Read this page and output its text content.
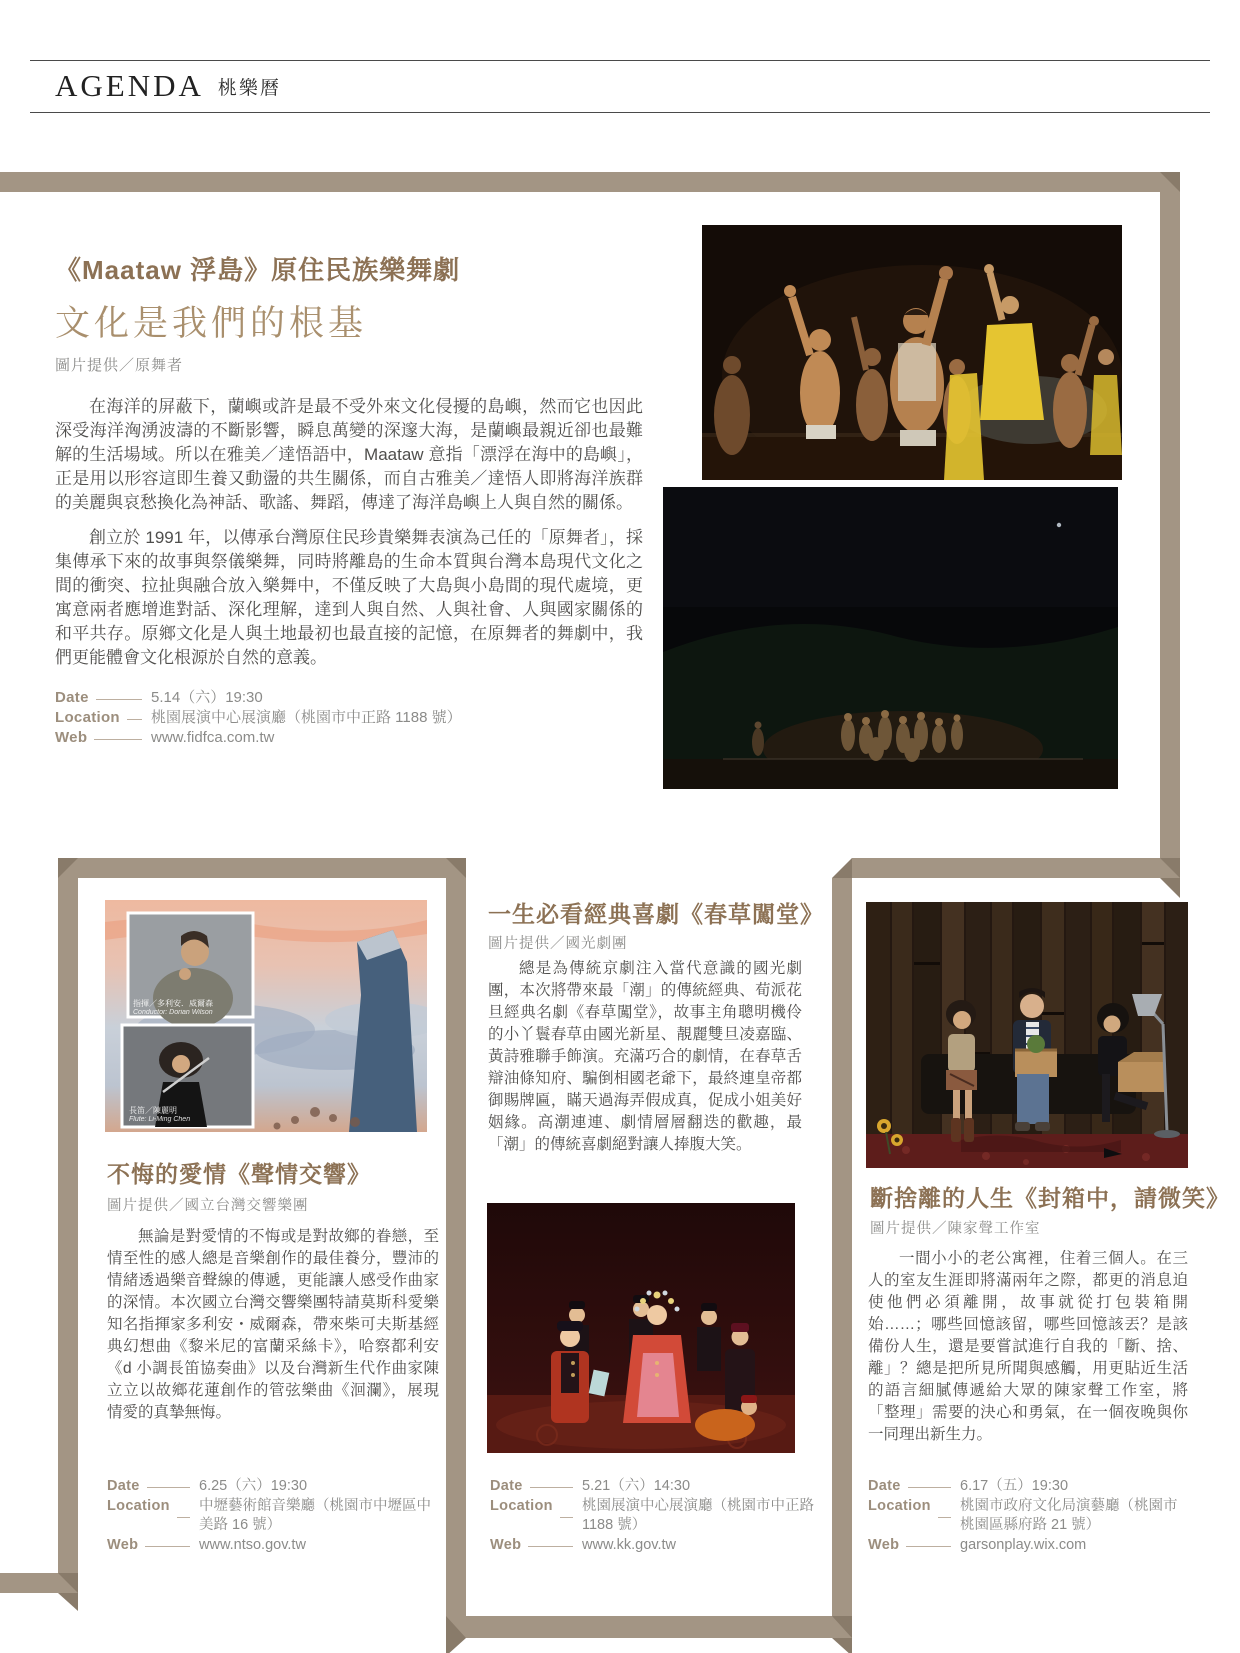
AGENDA 桃樂曆
《Maataw 浮島》原住民族樂舞劇
文化是我們的根基
圖片提供／原舞者

在海洋的屏蔽下，蘭嶼或許是最不受外來文化侵擾的島嶼，然而它也因此深受海洋洶湧波濤的不斷影響，瞬息萬變的深邃大海，是蘭嶼最親近卻也最難解的生活場域。所以在雅美／達悟語中，Maataw 意指「漂浮在海中的島嶼」，正是用以形容這即生養又動盪的共生關係，而自古雅美／達悟人即將海洋族群的美麗與哀愁換化為神話、歌謠、舞蹈，傳達了海洋島嶼上人與自然的關係。

創立於 1991 年，以傳承台灣原住民珍貴樂舞表演為己任的「原舞者」，採集傳承下來的故事與祭儀樂舞，同時將離島的生命本質與台灣本島現代文化之間的衝突、拉扯與融合放入樂舞中，不僅反映了大島與小島間的現代處境，更寓意兩者應增進對話、深化理解，達到人與自然、人與社會、人與國家關係的和平共存。原鄉文化是人與土地最初也最直接的記憶，在原舞者的舞劇中，我們更能體會文化根源於自然的意義。

Date	5.14（六）19:30
Location 桃園展演中心展演廳（桃園市中正路 1188 號）
Web	www.fidfca.com.tw
指揮／多利安．威爾森
Conductor: Dorian Wilson
長笛／陳麗明
Flute: Li-Ming Chen
不悔的愛情《聲情交響》
圖片提供／國立台灣交響樂團
無論是對愛情的不悔或是對故鄉的眷戀，至情至性的感人總是音樂創作的最佳養分，豐沛的情緒透過樂音聲線的傳遞，更能讓人感受作曲家的深情。本次國立台灣交響樂團特請莫斯科愛樂知名指揮家多利安・威爾森，帶來柴可夫斯基經典幻想曲《黎米尼的富蘭采絲卡》，哈察都利安《d 小調長笛協奏曲》以及台灣新生代作曲家陳立立以故鄉花蓮創作的管弦樂曲《洄瀾》，展現情愛的真摯無悔。
Date	6.25（六）19:30
Location 中壢藝術館音樂廳（桃園市中壢區中美路 16 號）
Web	www.ntso.gov.tw
一生必看經典喜劇《春草闖堂》
圖片提供／國光劇團
總是為傳統京劇注入當代意識的國光劇團，本次將帶來最「潮」的傳統經典、荀派花旦經典名劇《春草闖堂》，故事主角聰明機伶的小丫鬟春草由國光新星、靚麗雙旦凌嘉臨、黃詩雅聯手飾演。充滿巧合的劇情，在春草舌辯油條知府、騙倒相國老爺下，最終連皇帝都御賜牌匾，瞞天過海弄假成真，促成小姐美好姻緣。高潮連連、劇情層層翻迭的歡趣，最「潮」的傳統喜劇絕對讓人捧腹大笑。
Date	5.21（六）14:30
Location 桃園展演中心展演廳（桃園市中正路 1188 號）
Web	www.kk.gov.tw
斷捨離的人生《封箱中，請微笑》
圖片提供／陳家聲工作室
一間小小的老公寓裡，住着三個人。在三人的室友生涯即將滿兩年之際，都更的消息迫使他們必須離開，故事就從打包裝箱開始……；哪些回憶該留，哪些回憶該丟？是該備份人生，還是要嘗試進行自我的「斷、捨、離」？總是把所見所聞與感觸，用更貼近生活的語言細膩傳遞給大眾的陳家聲工作室，將「整理」需要的決心和勇氣，在一個夜晚與你一同理出新生力。
Date	6.17（五）19:30
Location 桃園市政府文化局演藝廳（桃園市桃園區縣府路 21 號）
Web	garsonplay.wix.com
